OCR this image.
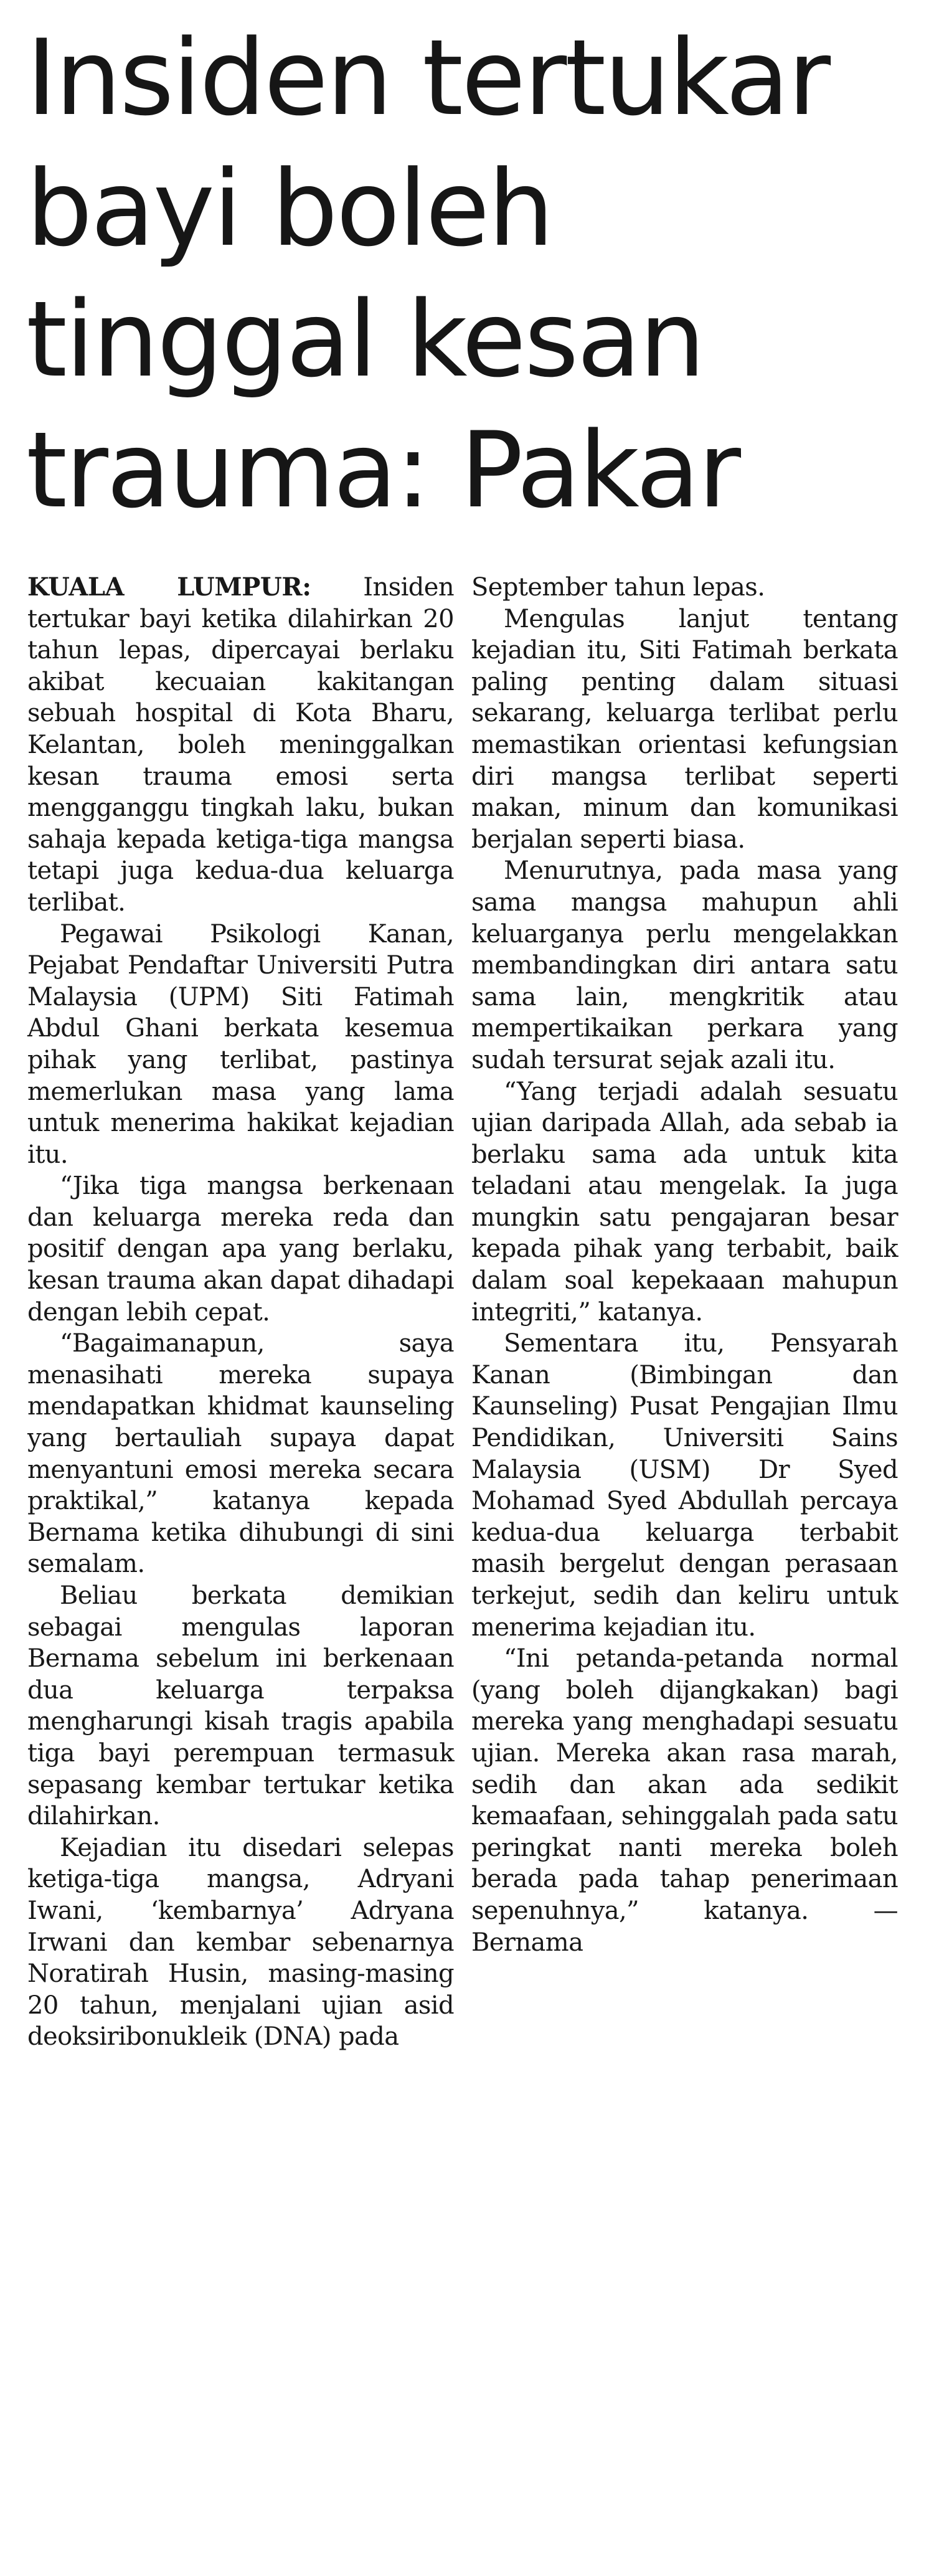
Insiden tertukar
bayi boleh
tinggal kesan
trauma: Pakar

KUALA LUMPUR: Insiden tertukar bayi ketika dilahirkan 20 tahun lepas, dipercayai berlaku akibat kecuaian kakitangan sebuah hospital di Kota Bharu, Kelantan, boleh meninggalkan kesan trauma emosi serta mengganggu tingkah laku, bukan sahaja kepada ketiga-tiga mangsa tetapi juga kedua-dua keluarga terlibat.

Pegawai Psikologi Kanan, Pejabat Pendaftar Universiti Putra Malaysia (UPM) Siti Fatimah Abdul Ghani berkata kesemua pihak yang terlibat, pastinya memerlukan masa yang lama untuk menerima hakikat kejadian itu.

“Jika tiga mangsa berkenaan dan keluarga mereka reda dan positif dengan apa yang berlaku, kesan trauma akan dapat dihadapi dengan lebih cepat.

“Bagaimanapun, saya menasihati mereka supaya mendapatkan khidmat kaunseling yang bertauliah supaya dapat menyantuni emosi mereka secara praktikal,” katanya kepada Bernama ketika dihubungi di sini semalam.

Beliau berkata demikian sebagai mengulas laporan Bernama sebelum ini berkenaan dua keluarga terpaksa mengharungi kisah tragis apabila tiga bayi perempuan termasuk sepasang kembar tertukar ketika dilahirkan.

Kejadian itu disedari selepas ketiga-tiga mangsa, Adryani Iwani, ‘kembarnya’ Adryana Irwani dan kembar sebenarnya Noratirah Husin, masing-masing 20 tahun, menjalani ujian asid deoksiribonukleik (DNA) pada

September tahun lepas.

Mengulas lanjut tentang kejadian itu, Siti Fatimah berkata paling penting dalam situasi sekarang, keluarga terlibat perlu memastikan orientasi kefungsian diri mangsa terlibat seperti makan, minum dan komunikasi berjalan seperti biasa.

Menurutnya, pada masa yang sama mangsa mahupun ahli keluarganya perlu mengelakkan membandingkan diri antara satu sama lain, mengkritik atau mempertikaikan perkara yang sudah tersurat sejak azali itu.

“Yang terjadi adalah sesuatu ujian daripada Allah, ada sebab ia berlaku sama ada untuk kita teladani atau mengelak. Ia juga mungkin satu pengajaran besar kepada pihak yang terbabit, baik dalam soal kepekaaan mahupun integriti,” katanya.

Sementara itu, Pensyarah Kanan (Bimbingan dan Kaunseling) Pusat Pengajian Ilmu Pendidikan, Universiti Sains Malaysia (USM) Dr Syed Mohamad Syed Abdullah percaya kedua-dua keluarga terbabit masih bergelut dengan perasaan terkejut, sedih dan keliru untuk menerima kejadian itu.

“Ini petanda-petanda normal (yang boleh dijangkakan) bagi mereka yang menghadapi sesuatu ujian. Mereka akan rasa marah, sedih dan akan ada sedikit kemaafaan, sehinggalah pada satu peringkat nanti mereka boleh berada pada tahap penerimaan sepenuhnya,” katanya. — Bernama
